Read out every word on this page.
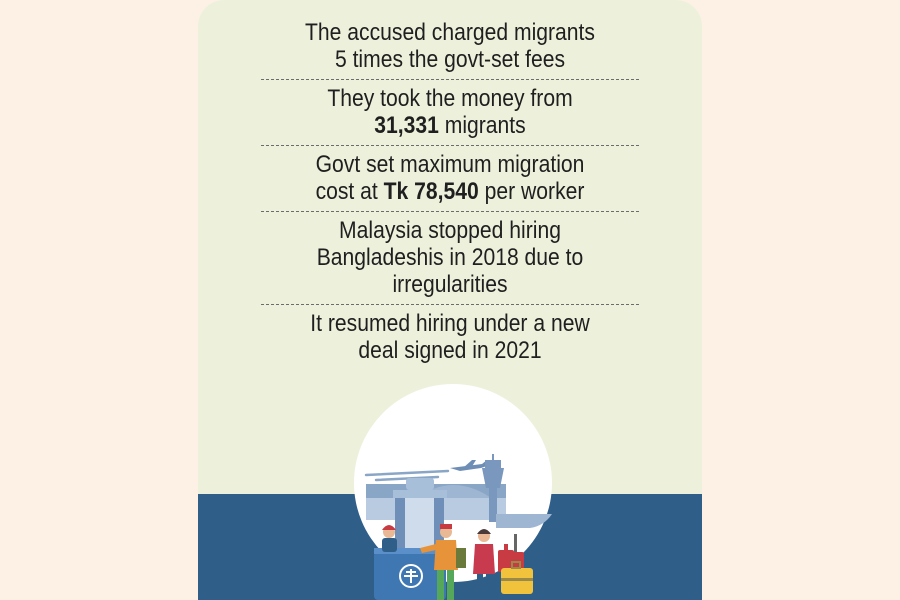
The accused charged migrants
5 times the govt-set fees
They took the money from
31,331 migrants
Govt set maximum migration
cost at Tk 78,540 per worker
Malaysia stopped hiring
Bangladeshis in 2018 due to
irregularities
It resumed hiring under a new
deal signed in 2021
